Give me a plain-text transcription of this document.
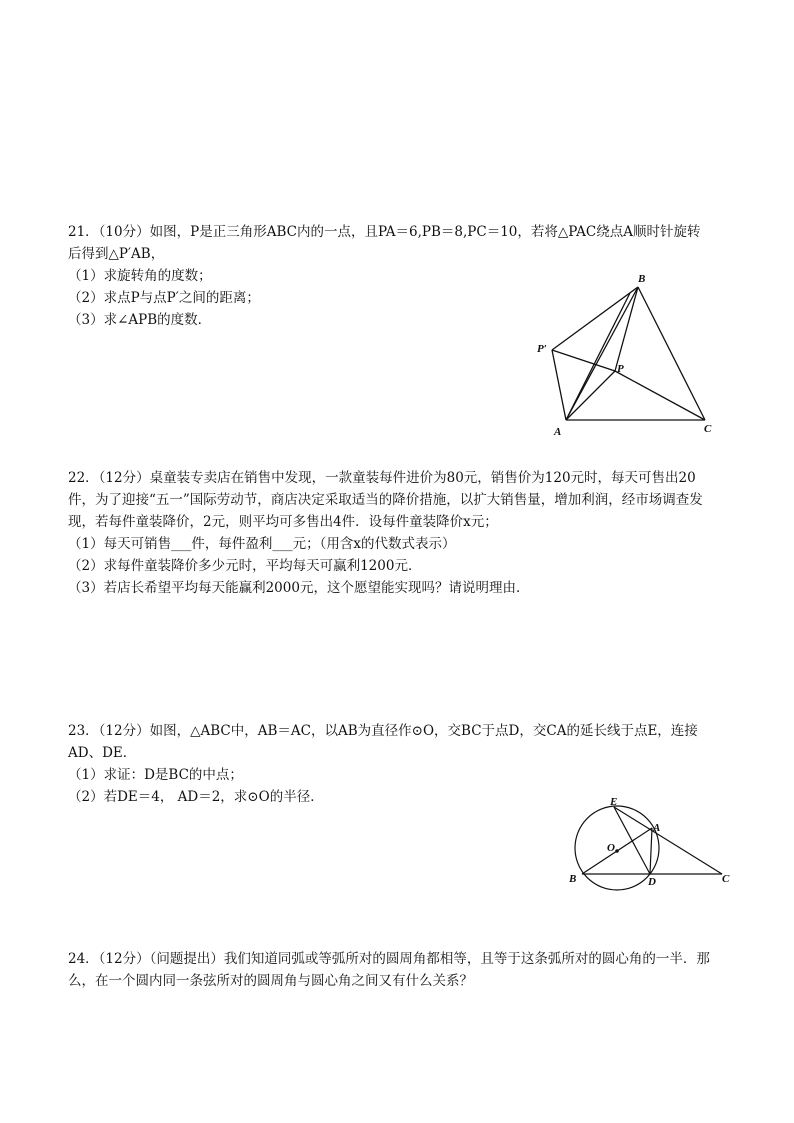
21．（10分）如图，P是正三角形ABC内的一点，且PA＝6,PB＝8,PC＝10，若将△PAC绕点A顺时针旋转
后得到△P′AB，
（1）求旋转角的度数；
（2）求点P与点P′之间的距离；
（3）求∠APB的度数．
B
P′
P
A	C
22．（12分）桌童装专卖店在销售中发现，一款童装每件进价为80元，销售价为120元时，每天可售出20
件，为了迎接“五一”国际劳动节，商店决定采取适当的降价措施，以扩大销售量，增加利润，经市场调查发
现，若每件童装降价，2元，则平均可多售出4件．设每件童装降价x元；
（1）每天可销售___件，每件盈利___元；（用含x的代数式表示）
（2）求每件童装降价多少元时，平均每天可赢利1200元．
（3）若店长希望平均每天能赢利2000元，这个愿望能实现吗？请说明理由．
23．（12分）如图，△ABC中，AB＝AC，以AB为直径作⊙O，交BC于点D，交CA的延长线于点E，连接
AD、DE．
（1）求证：D是BC的中点；
（2）若DE＝4， AD＝2，求⊙O的半径．	E
A
O
B	D	C
24．（12分）（问题提出）我们知道同弧或等弧所对的圆周角都相等，且等于这条弧所对的圆心角的一半．那
么，在一个圆内同一条弦所对的圆周角与圆心角之间又有什么关系？
